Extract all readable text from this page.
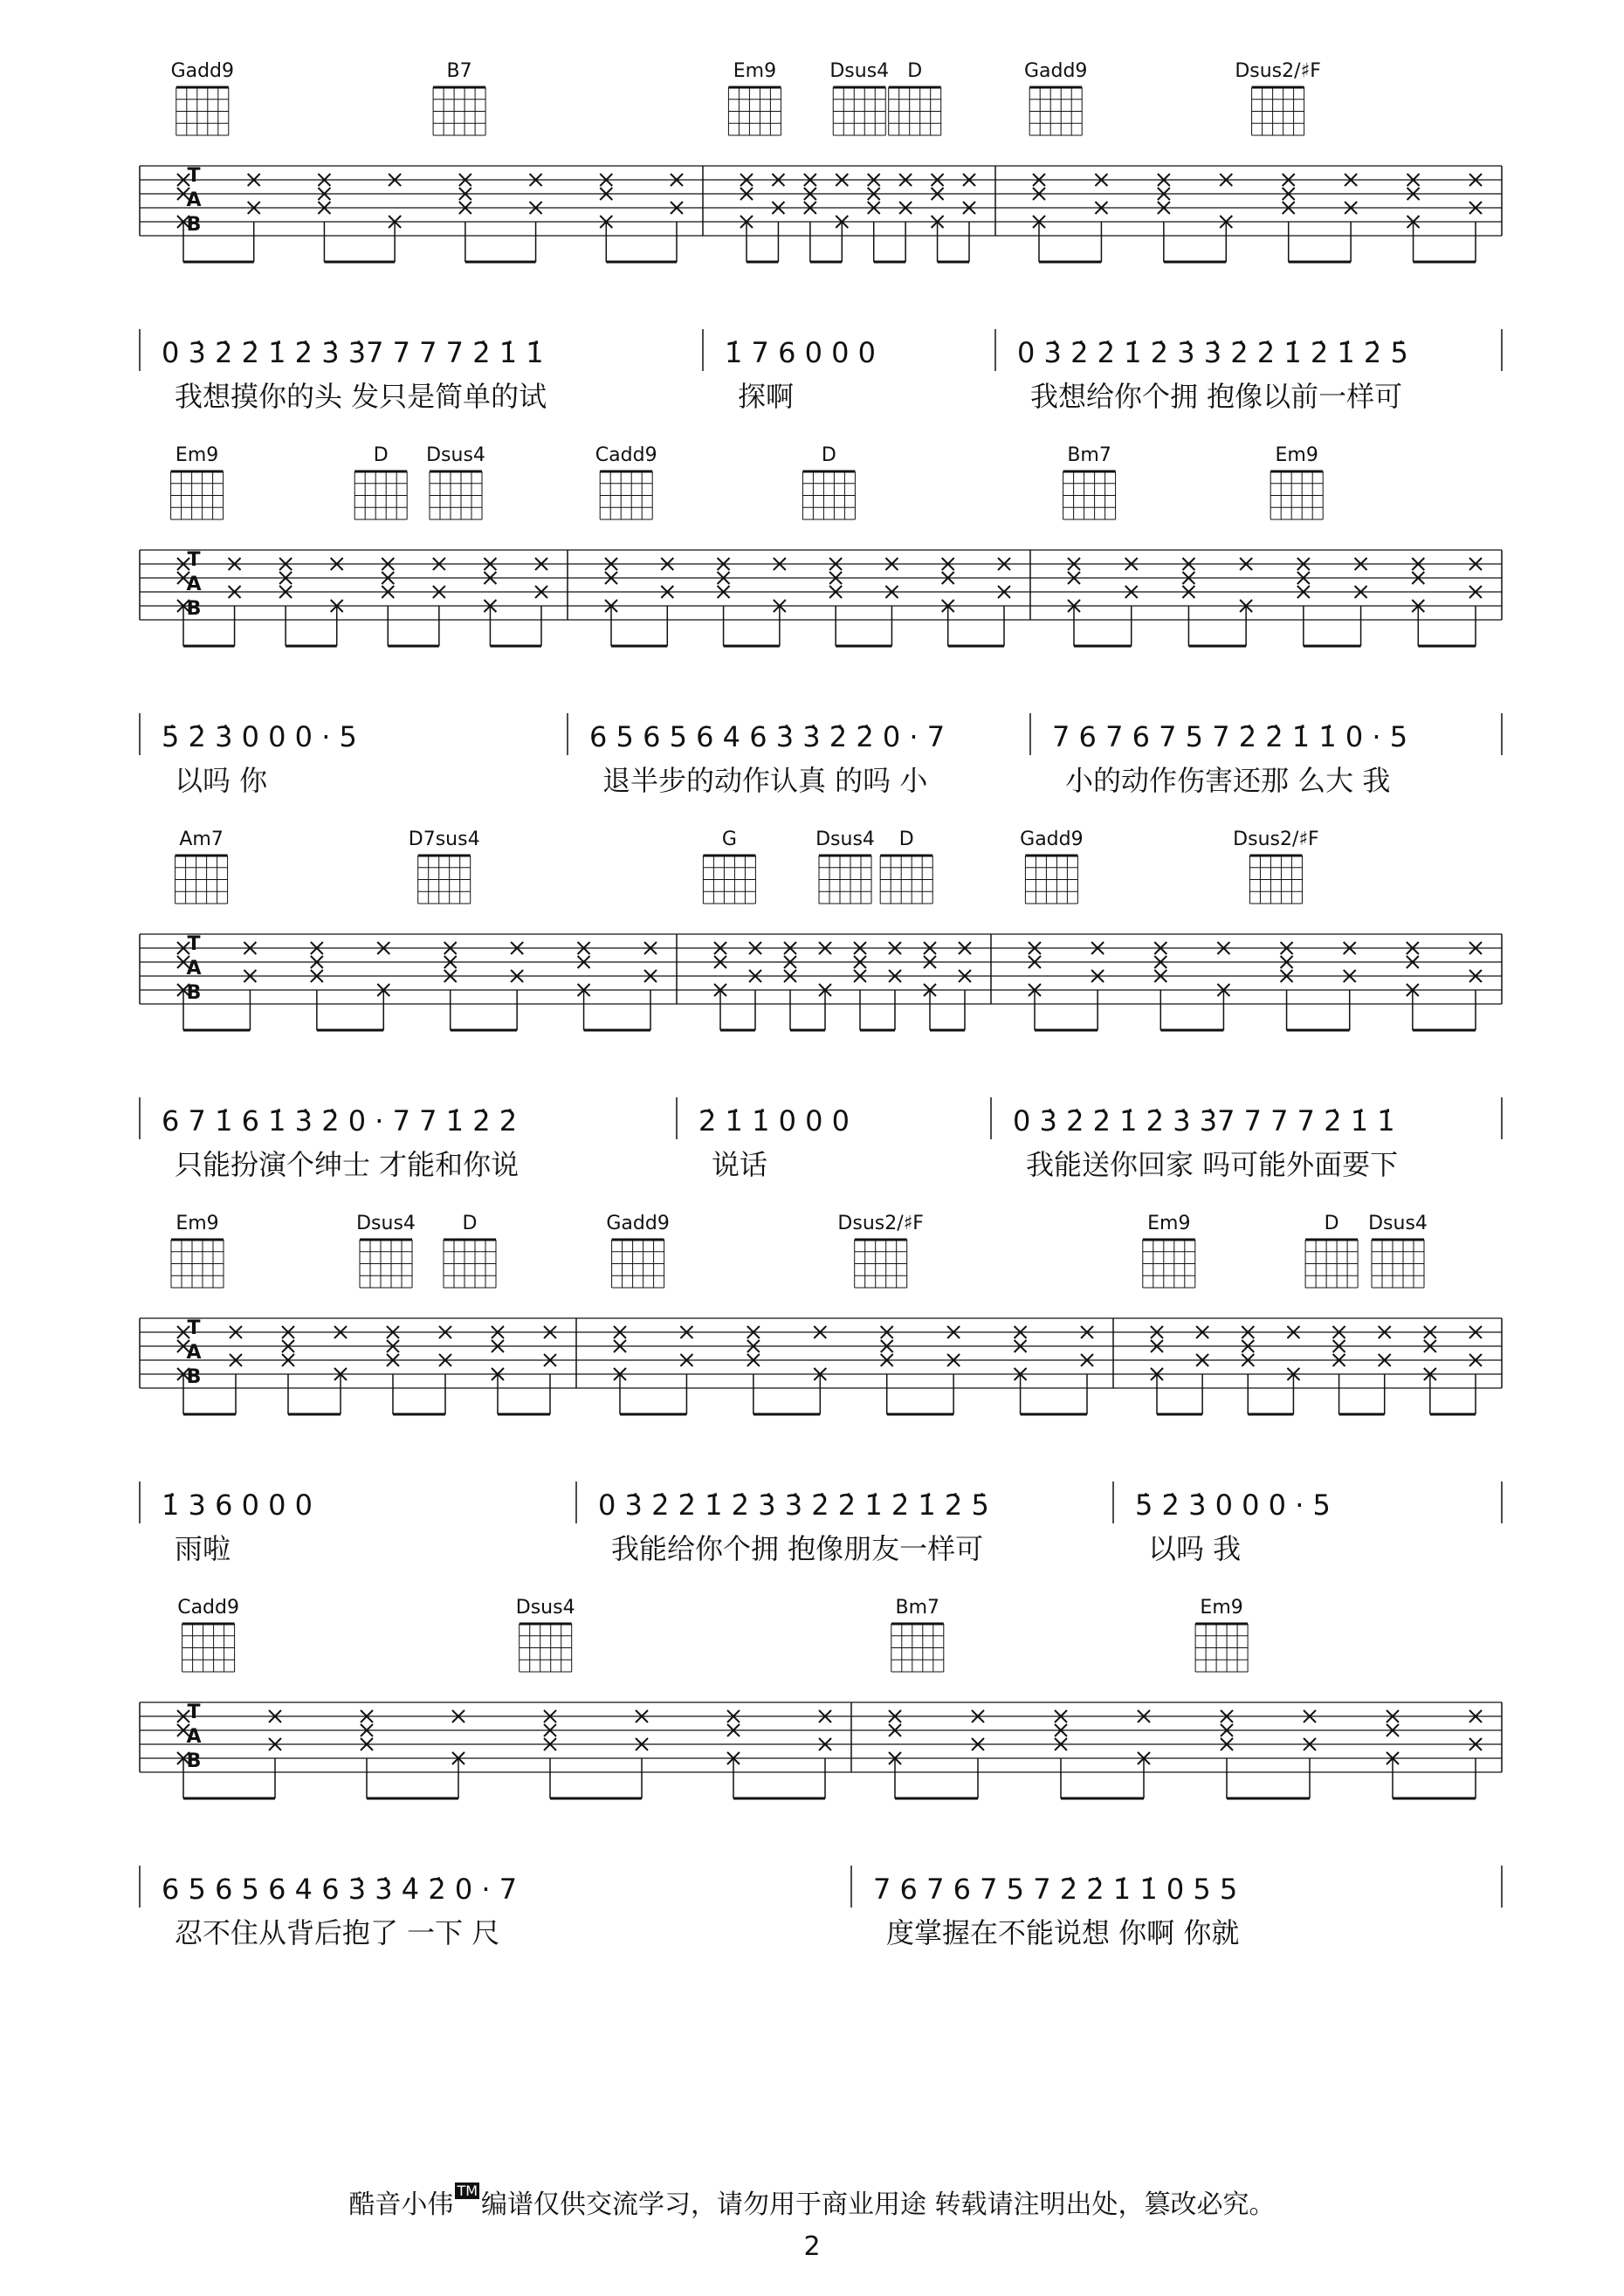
Gadd9	B7	Em9	Dsus4 D	Gadd9	Dsus2/♯F
T
A
B
0 3̇ 2̇ 2̇ 1̇ 2̇ 3̇ 3̇7 7 7 7 2̇ 1̇ 1̇	1̇ 7 6 0 0 0	0 3̇ 2̇ 2̇ 1̇ 2̇ 3̇ 3̇ 2̇ 2̇ 1̇ 2̇ 1̇ 2̇ 5̇
我想摸你的头 发只是简单的试	探啊	我想给你个拥 抱像以前一样可
Em9	D Dsus4	Cadd9	D	Bm7	Em9
T
A
B
5̇ 2̇ 3̇ 0 0 0 · 5	6 5 6 5 6 4 6 3̇ 3̇ 2̇ 2̇ 0 · 7	7 6 7 6 7 5 7 2̇ 2̇ 1̇ 1̇ 0 · 5
以吗 你	退半步的动作认真 的吗 小	小的动作伤害还那 么大 我
Am7	D7sus4	G	Dsus4 D	Gadd9	Dsus2/♯F
T
A
B
6 7 1̇ 6 1̇ 3̇ 2̇ 0 · 7 7 1̇ 2̇ 2̇	2̇ 1̇ 1̇ 0 0 0	0 3̇ 2̇ 2̇ 1̇ 2̇ 3̇ 3̇7 7 7 7 2̇ 1̇ 1̇
只能扮演个绅士 才能和你说	说话	我能送你回家 吗可能外面要下
Em9	Dsus4 D	Gadd9	Dsus2/♯F	Em9	D Dsus4
T
A
B
1̇ 3 6 0 0 0	0 3̇ 2̇ 2̇ 1̇ 2̇ 3̇ 3̇ 2̇ 2̇ 1̇ 2̇ 1̇ 2̇ 5̇	5̇ 2̇ 3̇ 0 0 0 · 5
雨啦	我能给你个拥 抱像朋友一样可	以吗 我
Cadd9	Dsus4	Bm7	Em9
T
A
B
6 5 6 5 6 4 6 3̇ 3̇ 4̇ 2̇ 0 · 7	7 6 7 6 7 5 7 2̇ 2̇ 1̇ 1̇ 0 5 5
忍不住从背后抱了 一下 尺	度掌握在不能说想 你啊 你就
酷音小伟 ™ 编谱仅供交流学习，请勿用于商业用途 转载请注明出处，篡改必究。
2
